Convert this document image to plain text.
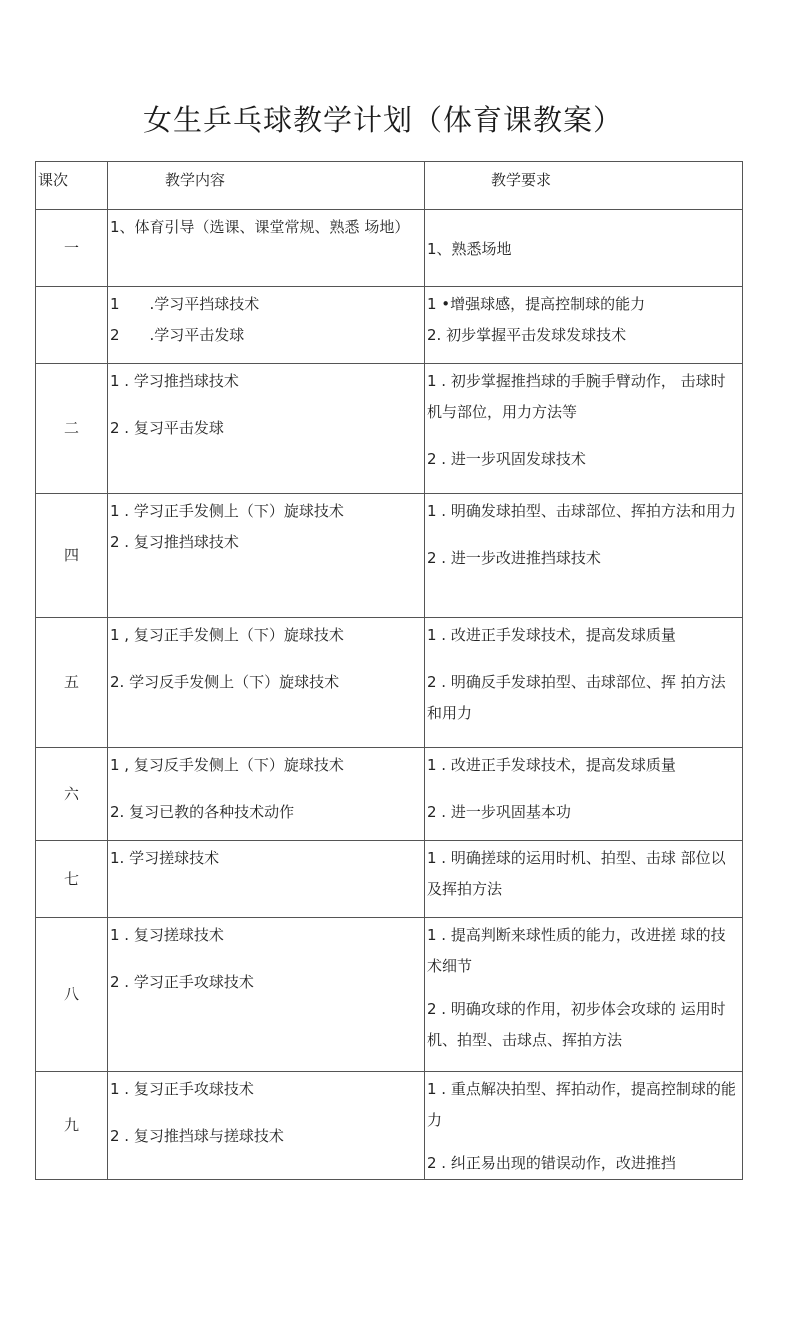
女生乒乓球教学计划（体育课教案）
课次	教学内容	教学要求
一	1、体育引导（选课、课堂常规、熟悉 场地）	1、熟悉场地

	1　　.学习平挡球技术
2　　.学习平击发球	1 •增强球感，提高控制球的能力
2. 初步掌握平击发球发球技术

二	1 . 学习推挡球技术
2 . 复习平击发球	1 . 初步掌握推挡球的手腕手臂动作， 击球时机与部位，用力方法等
2 . 进一步巩固发球技术

四	1 . 学习正手发侧上（下）旋球技术
2 . 复习推挡球技术	1 . 明确发球拍型、击球部位、挥拍方法和用力
2 . 进一步改进推挡球技术

五	1 , 复习正手发侧上（下）旋球技术
2. 学习反手发侧上（下）旋球技术	1 . 改进正手发球技术，提高发球质量
2 . 明确反手发球拍型、击球部位、挥 拍方法和用力

六	1 , 复习反手发侧上（下）旋球技术
2. 复习已教的各种技术动作	1 . 改进正手发球技术，提高发球质量
2 . 进一步巩固基本功

七	1. 学习搓球技术	1 . 明确搓球的运用时机、拍型、击球 部位以及挥拍方法

八	1 . 复习搓球技术
2 . 学习正手攻球技术	1 . 提高判断来球性质的能力，改进搓 球的技术细节
2 . 明确攻球的作用，初步体会攻球的 运用时机、拍型、击球点、挥拍方法

九	1 . 复习正手攻球技术
2 . 复习推挡球与搓球技术	1 . 重点解决拍型、挥拍动作，提高控制球的能力
2 . 纠正易出现的错误动作，改进推挡
